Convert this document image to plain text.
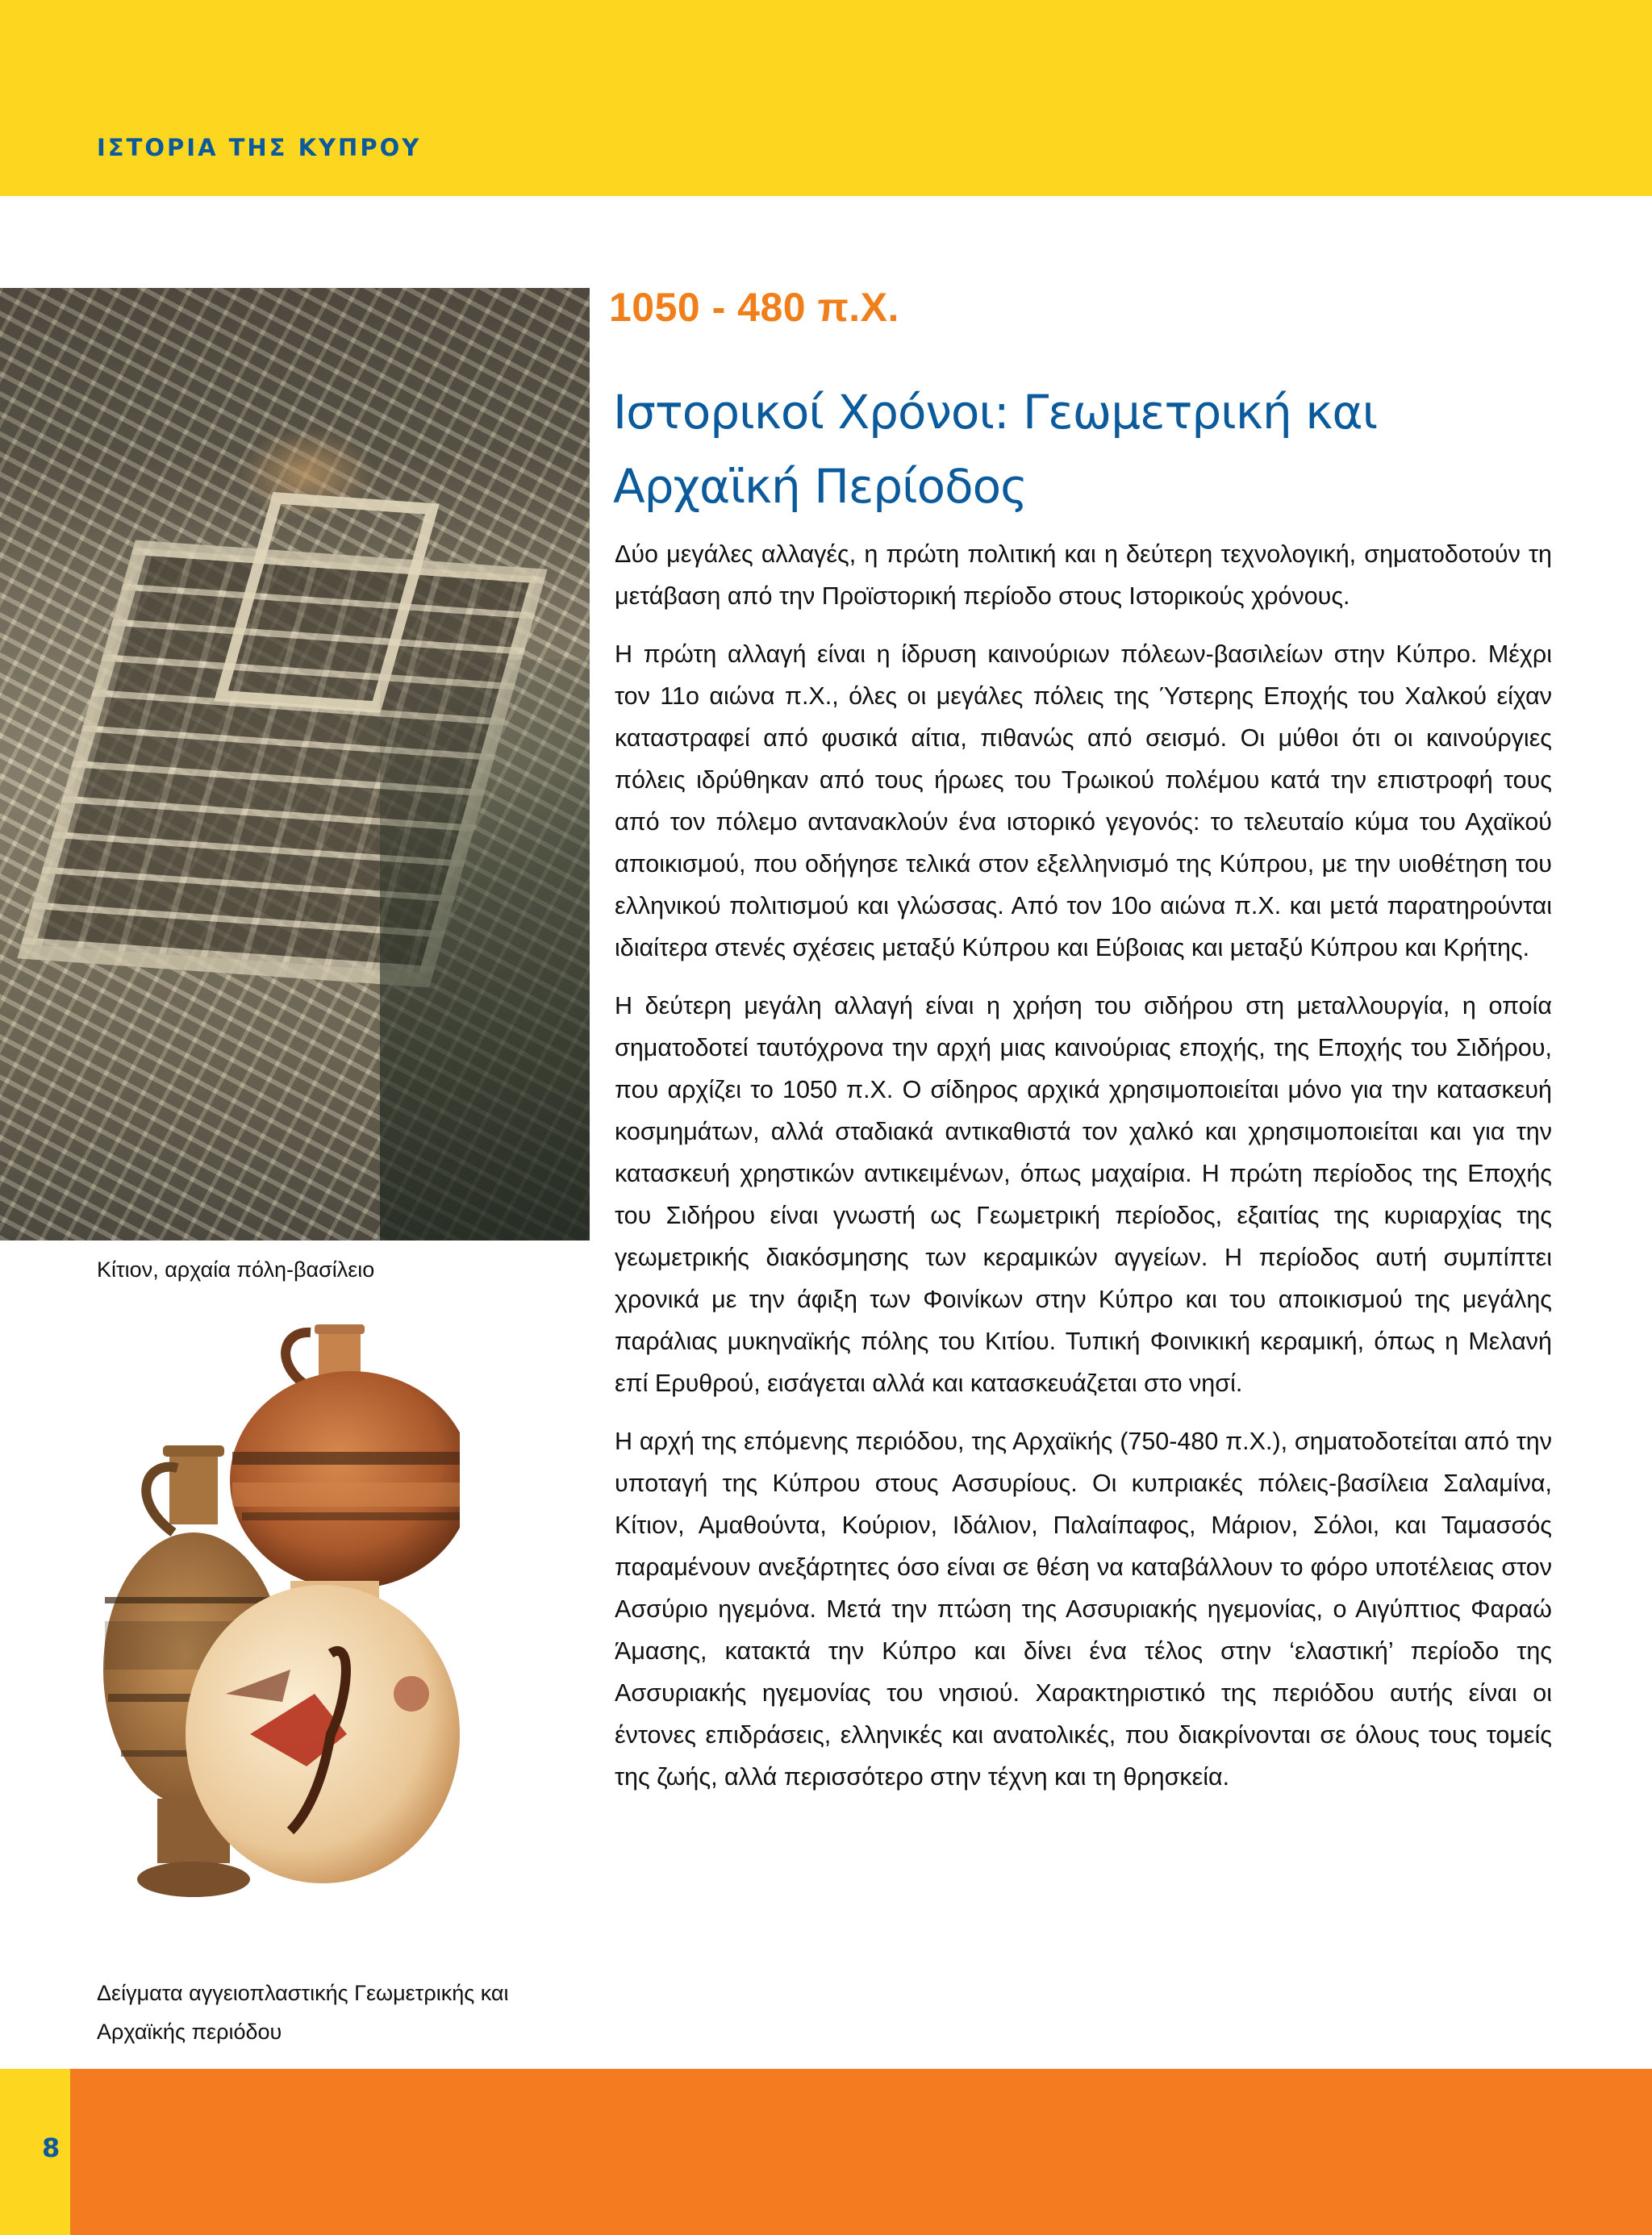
ΙΣΤΟΡΙΑ ΤΗΣ ΚΥΠΡΟΥ
Κίτιον, αρχαία πόλη-βασίλειο
Δείγματα αγγειοπλαστικής Γεωμετρικής και Αρχαϊκής περιόδου
1050 - 480 π.Χ.
Ιστορικοί Χρόνοι: Γεωμετρική και
Αρχαϊκή Περίοδος

Δύο μεγάλες αλλαγές, η πρώτη πολιτική και η δεύτερη τεχνολογική, σηματοδοτούν τη μετάβαση από την Προϊστορική περίοδο στους Ιστορικούς χρόνους.

Η πρώτη αλλαγή είναι η ίδρυση καινούριων πόλεων-βασιλείων στην Κύπρο. Μέχρι τον 11ο αιώνα π.Χ., όλες οι μεγάλες πόλεις της Ύστερης Εποχής του Χαλκού είχαν καταστραφεί από φυσικά αίτια, πιθανώς από σεισμό. Οι μύθοι ότι οι καινούργιες πόλεις ιδρύθηκαν από τους ήρωες του Τρωικού πολέμου κατά την επιστροφή τους από τον πόλεμο αντανακλούν ένα ιστορικό γεγονός: το τελευταίο κύμα του Αχαϊκού αποικισμού, που οδήγησε τελικά στον εξελληνισμό της Κύπρου, με την υιοθέτηση του ελληνικού πολιτισμού και γλώσσας. Από τον 10ο αιώνα π.Χ. και μετά παρατηρούνται ιδιαίτερα στενές σχέσεις μεταξύ Κύπρου και Εύβοιας και μεταξύ Κύπρου και Κρήτης.

Η δεύτερη μεγάλη αλλαγή είναι η χρήση του σιδήρου στη μεταλλουργία, η οποία σηματοδοτεί ταυτόχρονα την αρχή μιας καινούριας εποχής, της Εποχής του Σιδήρου, που αρχίζει το 1050 π.Χ. Ο σίδηρος αρχικά χρησιμοποιείται μόνο για την κατασκευή κοσμημάτων, αλλά σταδιακά αντικαθιστά τον χαλκό και χρησιμοποιείται και για την κατασκευή χρηστικών αντικειμένων, όπως μαχαίρια. Η πρώτη περίοδος της Εποχής του Σιδήρου είναι γνωστή ως Γεωμετρική περίοδος, εξαιτίας της κυριαρχίας της γεωμετρικής διακόσμησης των κεραμικών αγγείων. Η περίοδος αυτή συμπίπτει χρονικά με την άφιξη των Φοινίκων στην Κύπρο και του αποικισμού της μεγάλης παράλιας μυκηναϊκής πόλης του Κιτίου. Τυπική Φοινικική κεραμική, όπως η Μελανή επί Ερυθρού, εισάγεται αλλά και κατασκευάζεται στο νησί.

Η αρχή της επόμενης περιόδου, της Αρχαϊκής (750-480 π.Χ.), σηματοδοτείται από την υποταγή της Κύπρου στους Ασσυρίους. Οι κυπριακές πόλεις-βασίλεια Σαλαμίνα, Κίτιον, Αμαθούντα, Κούριον, Ιδάλιον, Παλαίπαφος, Μάριον, Σόλοι, και Ταμασσός παραμένουν ανεξάρτητες όσο είναι σε θέση να καταβάλλουν το φόρο υποτέλειας στον Ασσύριο ηγεμόνα. Μετά την πτώση της Ασσυριακής ηγεμονίας, ο Αιγύπτιος Φαραώ Άμασης, κατακτά την Κύπρο και δίνει ένα τέλος στην ‘ελαστική’ περίοδο της Ασσυριακής ηγεμονίας του νησιού. Χαρακτηριστικό της περιόδου αυτής είναι οι έντονες επιδράσεις, ελληνικές και ανατολικές, που διακρίνονται σε όλους τους τομείς της ζωής, αλλά περισσότερο στην τέχνη και τη θρησκεία.

8
